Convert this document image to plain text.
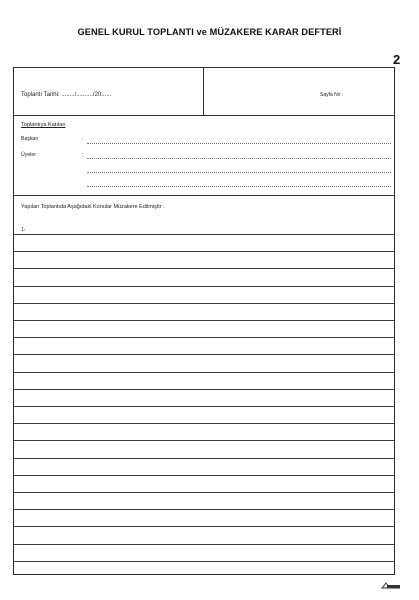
GENEL KURUL TOPLANTI ve MÜZAKERE KARAR DEFTERİ
2
Toplantı Tarihi: ......../........../20......	Sayfa No :
Toplantıya Katılan
Başkan	:
Üyeler	:
Yapılan Toplantıda Aşağıdaki Konular Müzakere Edilmiştir :
1-
